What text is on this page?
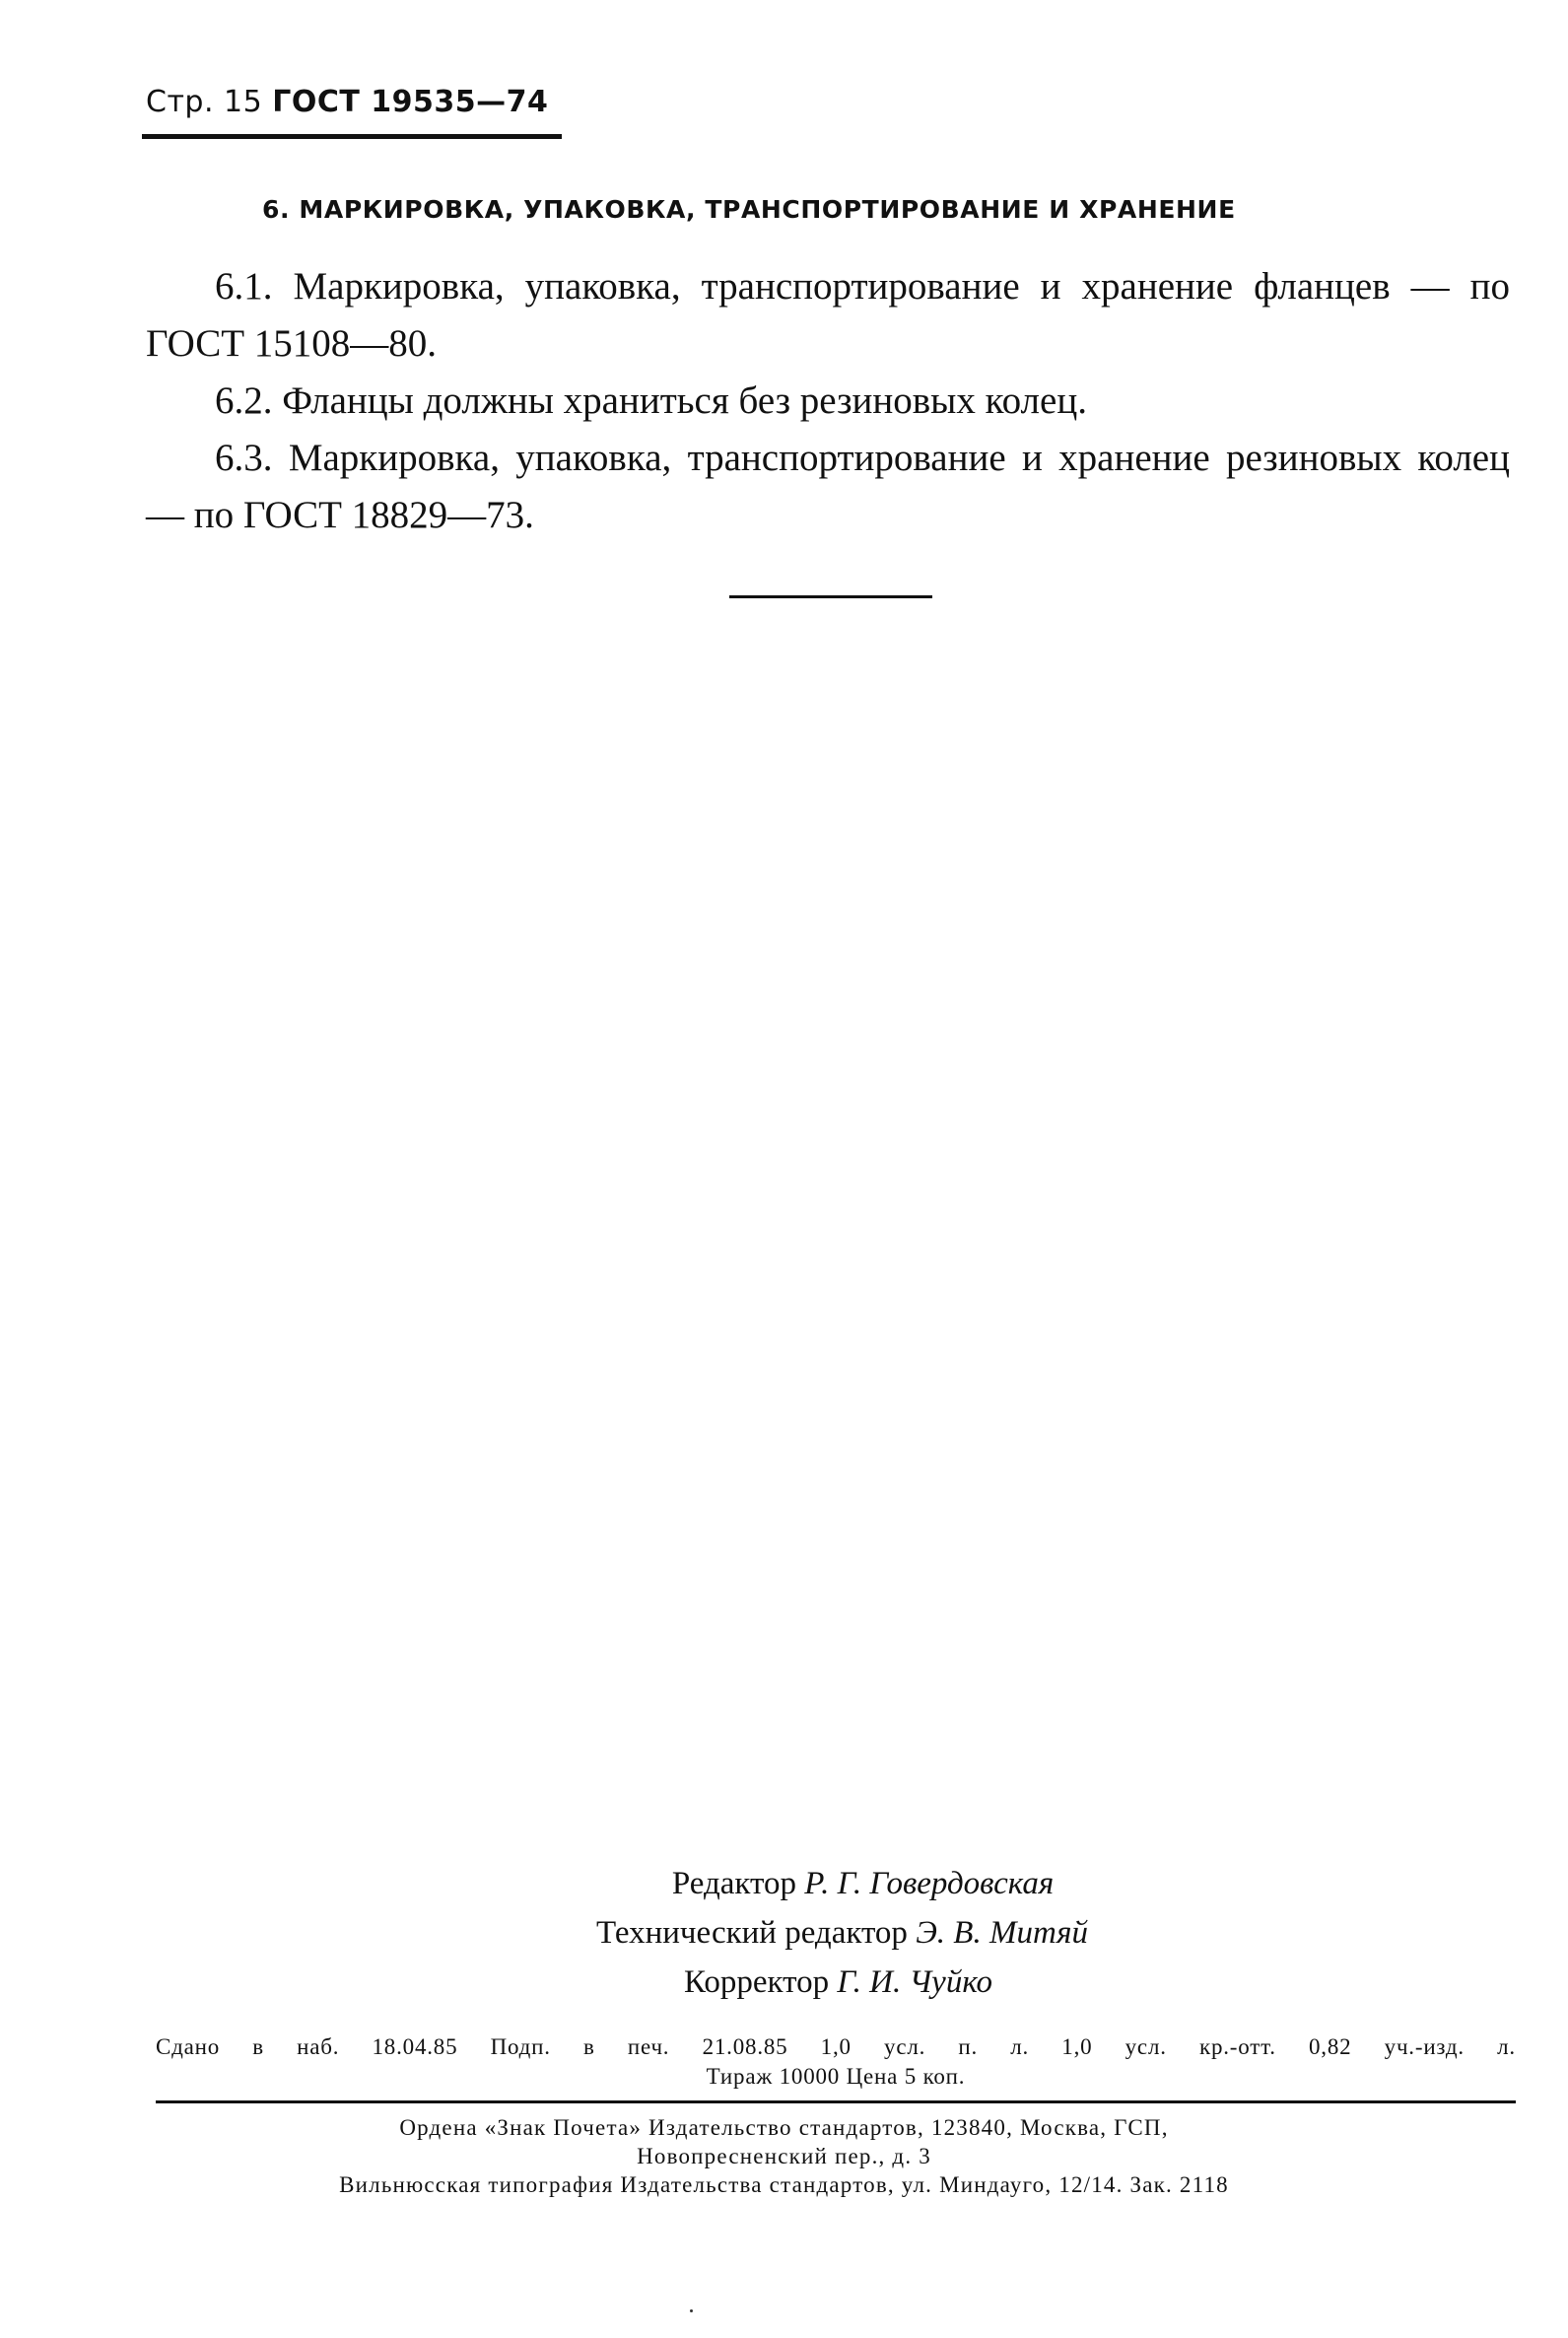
Стр. 15 ГОСТ 19535—74
6. МАРКИРОВКА, УПАКОВКА, ТРАНСПОРТИРОВАНИЕ И ХРАНЕНИЕ

6.1. Маркировка, упаковка, транспортирование и хранение фланцев — по ГОСТ 15108—80.

6.2. Фланцы должны храниться без резиновых колец.

6.3. Маркировка, упаковка, транспортирование и хранение резиновых колец — по ГОСТ 18829—73.

Редактор Р. Г. Говердовская
Технический редактор Э. В. Митяй
Корректор Г. И. Чуйко
Сдано в наб. 18.04.85 Подп. в печ. 21.08.85 1,0 усл. п. л. 1,0 усл. кр.-отт. 0,82 уч.-изд. л.
Тираж 10000 Цена 5 коп.
Ордена «Знак Почета» Издательство стандартов, 123840, Москва, ГСП,
Новопресненский пер., д. 3
Вильнюсская типография Издательства стандартов, ул. Миндауго, 12/14. Зак. 2118
